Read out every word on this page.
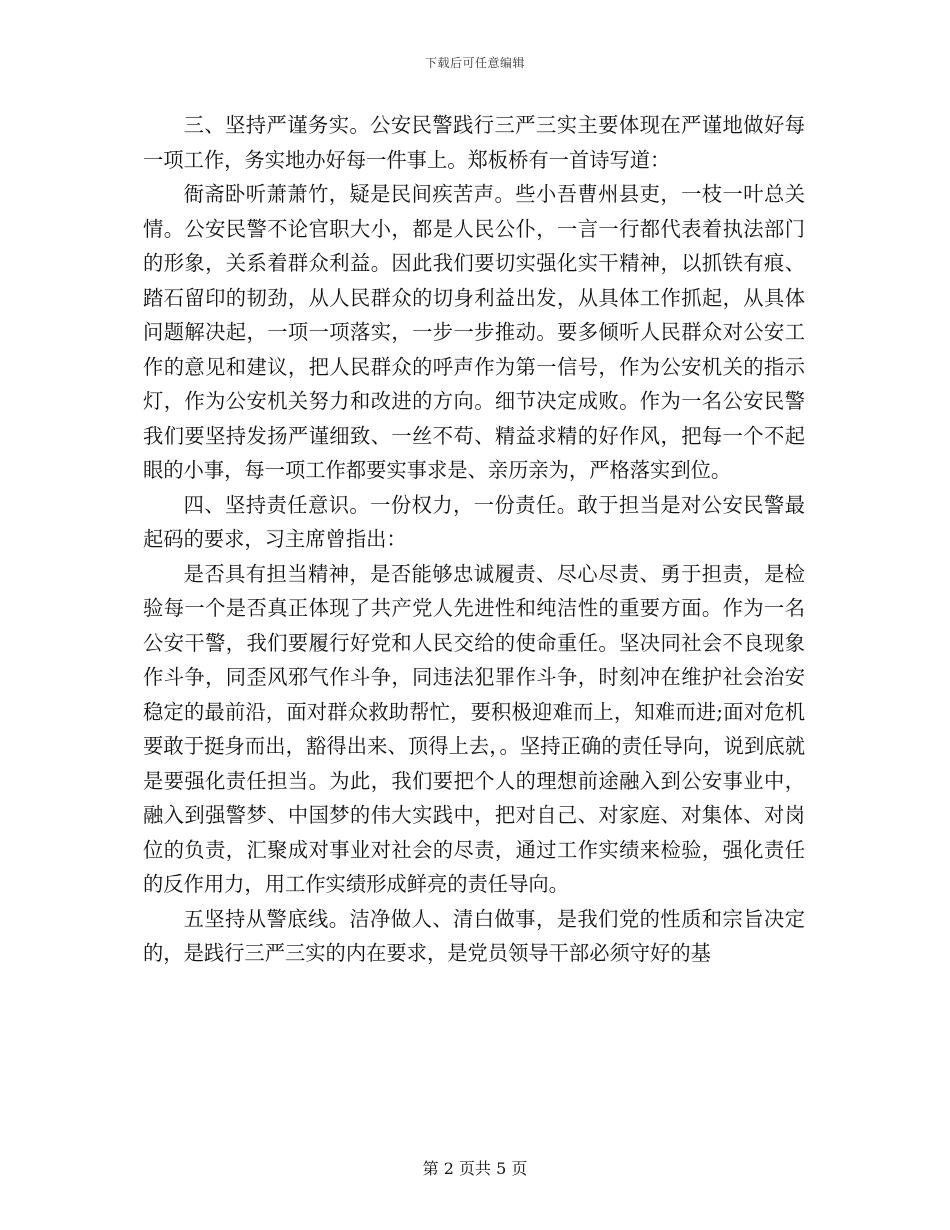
下载后可任意编辑

三、坚持严谨务实。公安民警践行三严三实主要体现在严谨地做好每一项工作，务实地办好每一件事上。郑板桥有一首诗写道：

衙斋卧听萧萧竹，疑是民间疾苦声。些小吾曹州县吏，一枝一叶总关情。公安民警不论官职大小，都是人民公仆，一言一行都代表着执法部门的形象，关系着群众利益。因此我们要切实强化实干精神，以抓铁有痕、踏石留印的韧劲，从人民群众的切身利益出发，从具体工作抓起，从具体问题解决起，一项一项落实，一步一步推动。要多倾听人民群众对公安工作的意见和建议，把人民群众的呼声作为第一信号，作为公安机关的指示灯，作为公安机关努力和改进的方向。细节决定成败。作为一名公安民警我们要坚持发扬严谨细致、一丝不苟、精益求精的好作风，把每一个不起眼的小事，每一项工作都要实事求是、亲历亲为，严格落实到位。

四、坚持责任意识。一份权力，一份责任。敢于担当是对公安民警最起码的要求，习主席曾指出：

是否具有担当精神，是否能够忠诚履责、尽心尽责、勇于担责，是检验每一个是否真正体现了共产党人先进性和纯洁性的重要方面。作为一名公安干警，我们要履行好党和人民交给的使命重任。坚决同社会不良现象作斗争，同歪风邪气作斗争，同违法犯罪作斗争，时刻冲在维护社会治安稳定的最前沿，面对群众救助帮忙，要积极迎难而上，知难而进;面对危机要敢于挺身而出，豁得出来、顶得上去，。坚持正确的责任导向，说到底就是要强化责任担当。为此，我们要把个人的理想前途融入到公安事业中，融入到强警梦、中国梦的伟大实践中，把对自己、对家庭、对集体、对岗位的负责，汇聚成对事业对社会的尽责，通过工作实绩来检验，强化责任的反作用力，用工作实绩形成鲜亮的责任导向。

五坚持从警底线。洁净做人、清白做事，是我们党的性质和宗旨决定的，是践行三严三实的内在要求，是党员领导干部必须守好的基

第 2 页共 5 页
